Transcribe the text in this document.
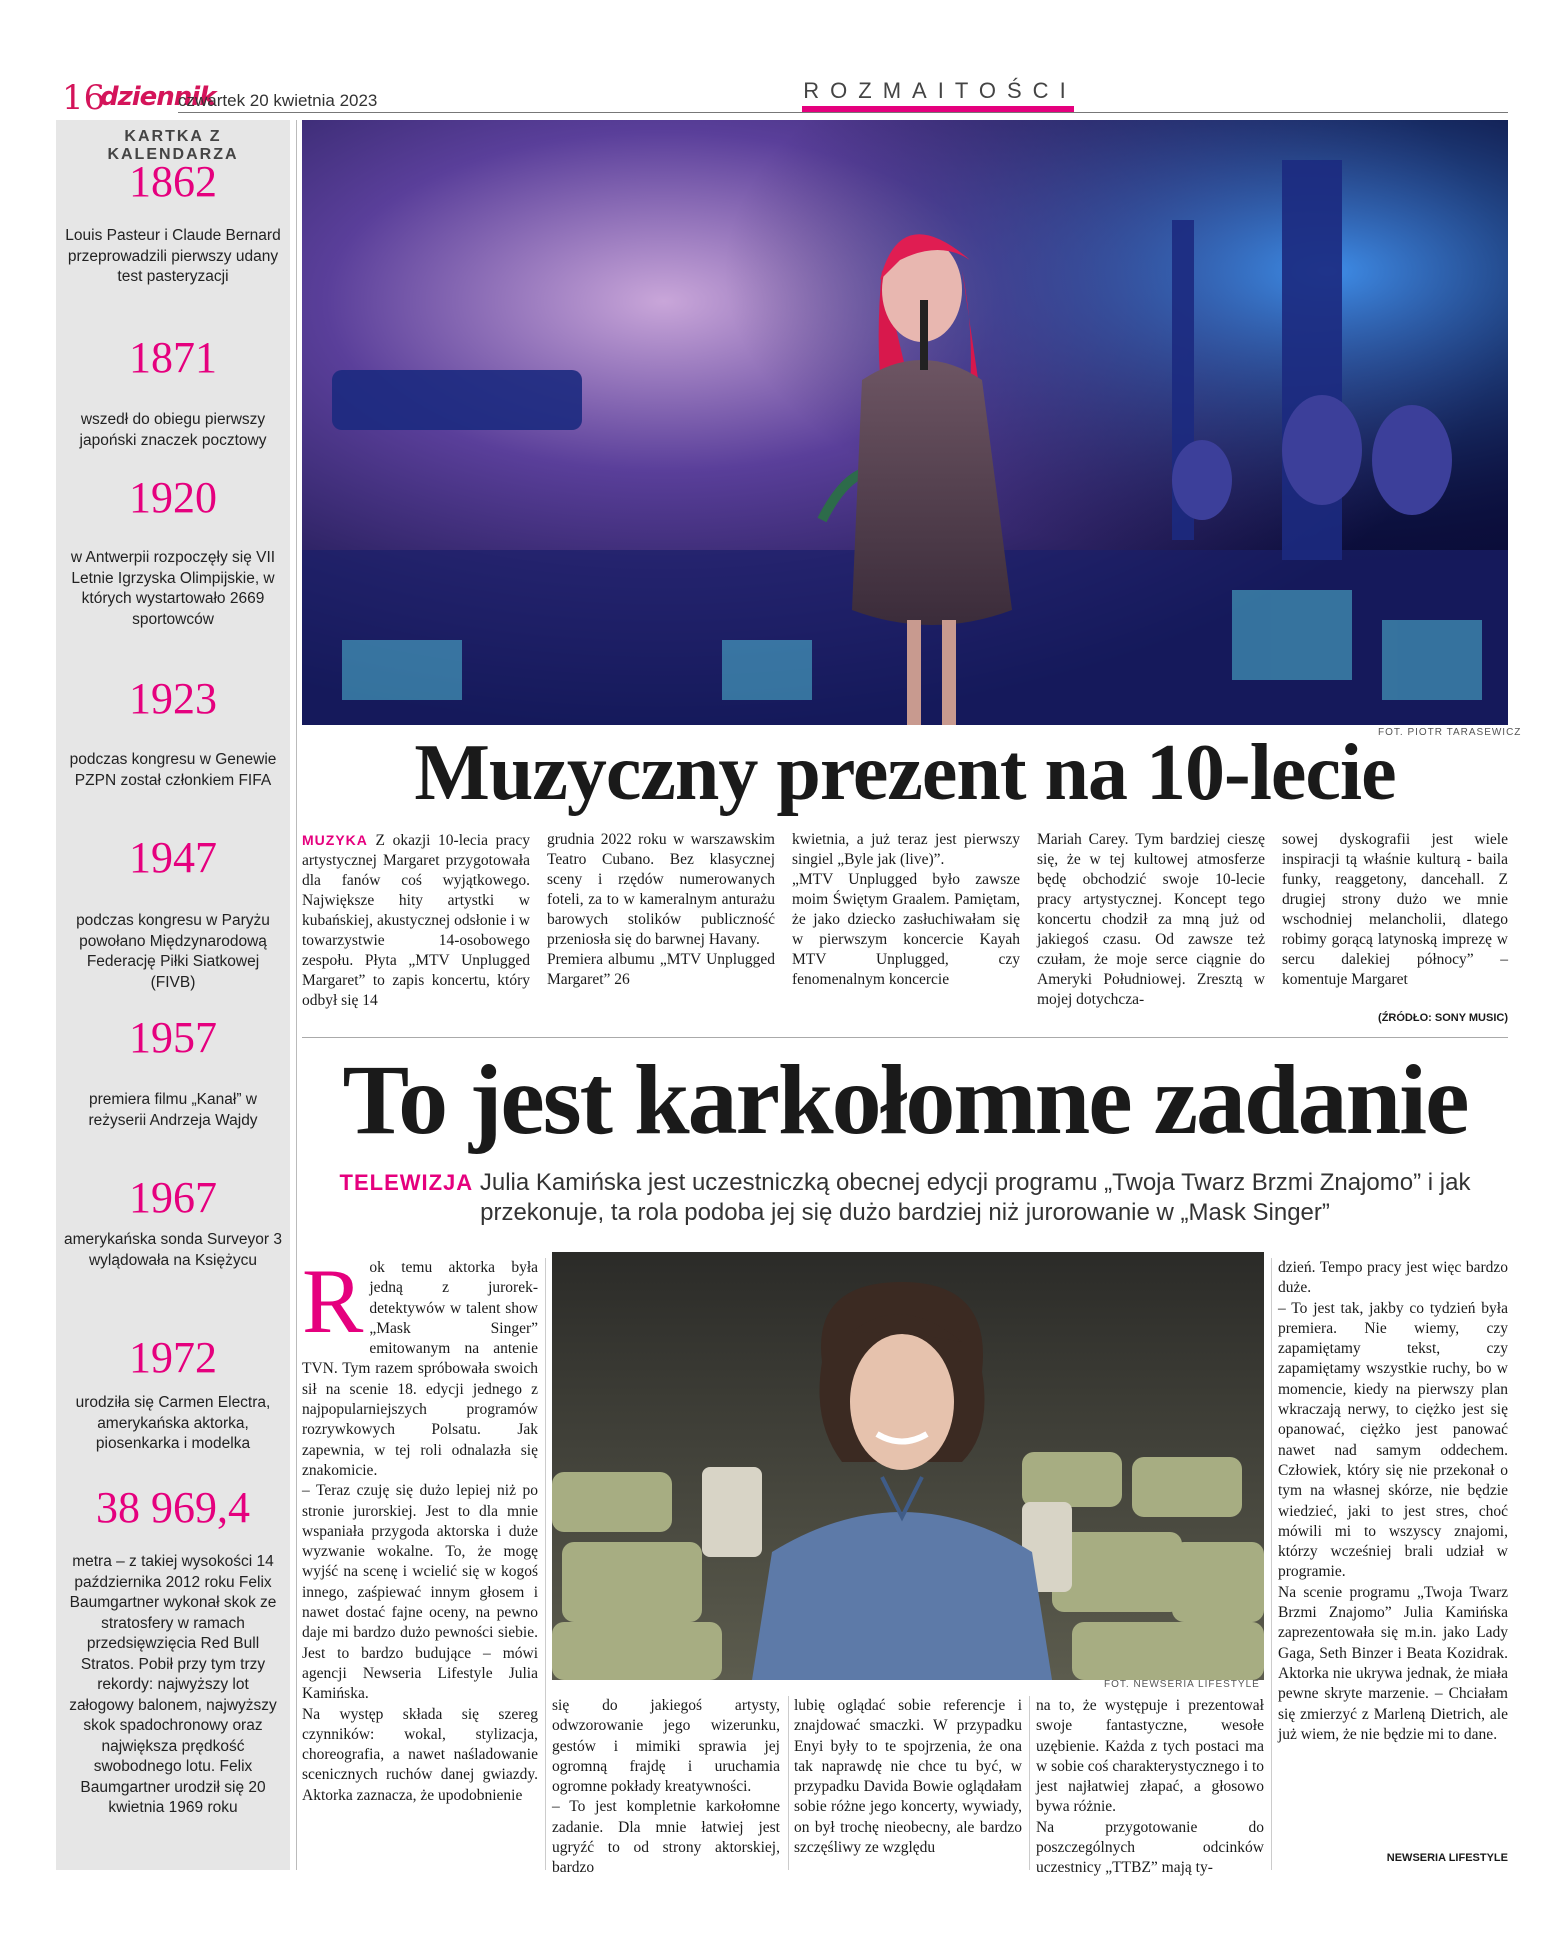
16
dziennik
czwartek 20 kwietnia 2023	ROZMAITOŚCI
KARTKA Z KALENDARZA
1862
Louis Pasteur i Claude Bernard przeprowadzili pierwszy udany test pasteryzacji
1871
wszedł do obiegu pierwszy japoński znaczek pocztowy
1920
w Antwerpii rozpoczęły się VII Letnie Igrzyska Olimpijskie, w których wystartowało 2669 sportowców
1923
podczas kongresu w Genewie PZPN został członkiem FIFA
1947
podczas kongresu w Paryżu powołano Międzynarodową Federację Piłki Siatkowej (FIVB)
1957
premiera filmu „Kanał” w reżyserii Andrzeja Wajdy
1967
amerykańska sonda Surveyor 3 wylądowała na Księżycu
1972
urodziła się Carmen Electra, amerykańska aktorka, piosenkarka i modelka
38 969,4
metra – z takiej wysokości 14 października 2012 roku Felix Baumgartner wykonał skok ze stratosfery w ramach przedsięwzięcia Red Bull Stratos. Pobił przy tym trzy rekordy: najwyższy lot załogowy balonem, najwyższy skok spadochronowy oraz największa prędkość swobodnego lotu. Felix Baumgartner urodził się 20 kwietnia 1969 roku
FOT. PIOTR TARASEWICZ
Muzyczny prezent na 10-lecie
MUZYKA Z okazji 10-lecia pracy artystycznej Margaret przygotowała dla fanów coś wyjątkowego. Największe hity artystki w kubańskiej, akustycznej odsłonie i w towarzystwie 14-osobowego zespołu. Płyta „MTV Unplugged Margaret” to zapis koncertu, który odbył się 14
grudnia 2022 roku w warszawskim Teatro Cubano. Bez klasycznej sceny i rzędów numerowanych foteli, za to w kameralnym anturażu barowych stolików publiczność przeniosła się do barwnej Havany.
Premiera albumu „MTV Unplugged Margaret” 26
kwietnia, a już teraz jest pierwszy singiel „Byle jak (live)”.
„MTV Unplugged było zawsze moim Świętym Graalem. Pamiętam, że jako dziecko zasłuchiwałam się w pierwszym koncercie Kayah MTV Unplugged, czy fenomenalnym koncercie
Mariah Carey. Tym bardziej cieszę się, że w tej kultowej atmosferze będę obchodzić swoje 10-lecie pracy artystycznej. Koncept tego koncertu chodził za mną już od jakiegoś czasu. Od zawsze też czułam, że moje serce ciągnie do Ameryki Południowej. Zresztą w mojej dotychcza-
sowej dyskografii jest wiele inspiracji tą właśnie kulturą - baila funky, reaggetony, dancehall. Z drugiej strony dużo we mnie wschodniej melancholii, dlatego robimy gorącą latynoską imprezę w sercu dalekiej północy” – komentuje Margaret
(ŹRÓDŁO: SONY MUSIC)
To jest karkołomne zadanie
TELEWIZJA Julia Kamińska jest uczestniczką obecnej edycji programu „Twoja Twarz Brzmi Znajomo” i jak przekonuje, ta rola podoba jej się dużo bardziej niż jurorowanie w „Mask Singer”
FOT. NEWSERIA LIFESTYLE
Rok temu aktorka była jedną z jurorek-detektywów w talent show „Mask Singer” emitowanym na antenie TVN. Tym razem spróbowała swoich sił na scenie 18. edycji jednego z najpopularniejszych programów rozrywkowych Polsatu. Jak zapewnia, w tej roli odnalazła się znakomicie.
– Teraz czuję się dużo lepiej niż po stronie jurorskiej. Jest to dla mnie wspaniała przygoda aktorska i duże wyzwanie wokalne. To, że mogę wyjść na scenę i wcielić się w kogoś innego, zaśpiewać innym głosem i nawet dostać fajne oceny, na pewno daje mi bardzo dużo pewności siebie. Jest to bardzo budujące – mówi agencji Newseria Lifestyle Julia Kamińska.
Na występ składa się szereg czynników: wokal, stylizacja, choreografia, a nawet naśladowanie scenicznych ruchów danej gwiazdy. Aktorka zaznacza, że upodobnienie
się do jakiegoś artysty, odwzorowanie jego wizerunku, gestów i mimiki sprawia jej ogromną frajdę i uruchamia ogromne pokłady kreatywności.
– To jest kompletnie karkołomne zadanie. Dla mnie łatwiej jest ugryźć to od strony aktorskiej, bardzo
lubię oglądać sobie referencje i znajdować smaczki. W przypadku Enyi były to te spojrzenia, że ona tak naprawdę nie chce tu być, w przypadku Davida Bowie oglądałam sobie różne jego koncerty, wywiady, on był trochę nieobecny, ale bardzo szczęśliwy ze względu
na to, że występuje i prezentował swoje fantastyczne, wesołe uzębienie. Każda z tych postaci ma w sobie coś charakterystycznego i to jest najłatwiej złapać, a głosowo bywa różnie.
Na przygotowanie do poszczególnych odcinków uczestnicy „TTBZ” mają ty-
dzień. Tempo pracy jest więc bardzo duże.
– To jest tak, jakby co tydzień była premiera. Nie wiemy, czy zapamiętamy tekst, czy zapamiętamy wszystkie ruchy, bo w momencie, kiedy na pierwszy plan wkraczają nerwy, to ciężko jest się opanować, ciężko jest panować nawet nad samym oddechem. Człowiek, który się nie przekonał o tym na własnej skórze, nie będzie wiedzieć, jaki to jest stres, choć mówili mi to wszyscy znajomi, którzy wcześniej brali udział w programie.
Na scenie programu „Twoja Twarz Brzmi Znajomo” Julia Kamińska zaprezentowała się m.in. jako Lady Gaga, Seth Binzer i Beata Kozidrak. Aktorka nie ukrywa jednak, że miała pewne skryte marzenie. – Chciałam się zmierzyć z Marleną Dietrich, ale już wiem, że nie będzie mi to dane.
NEWSERIA LIFESTYLE
